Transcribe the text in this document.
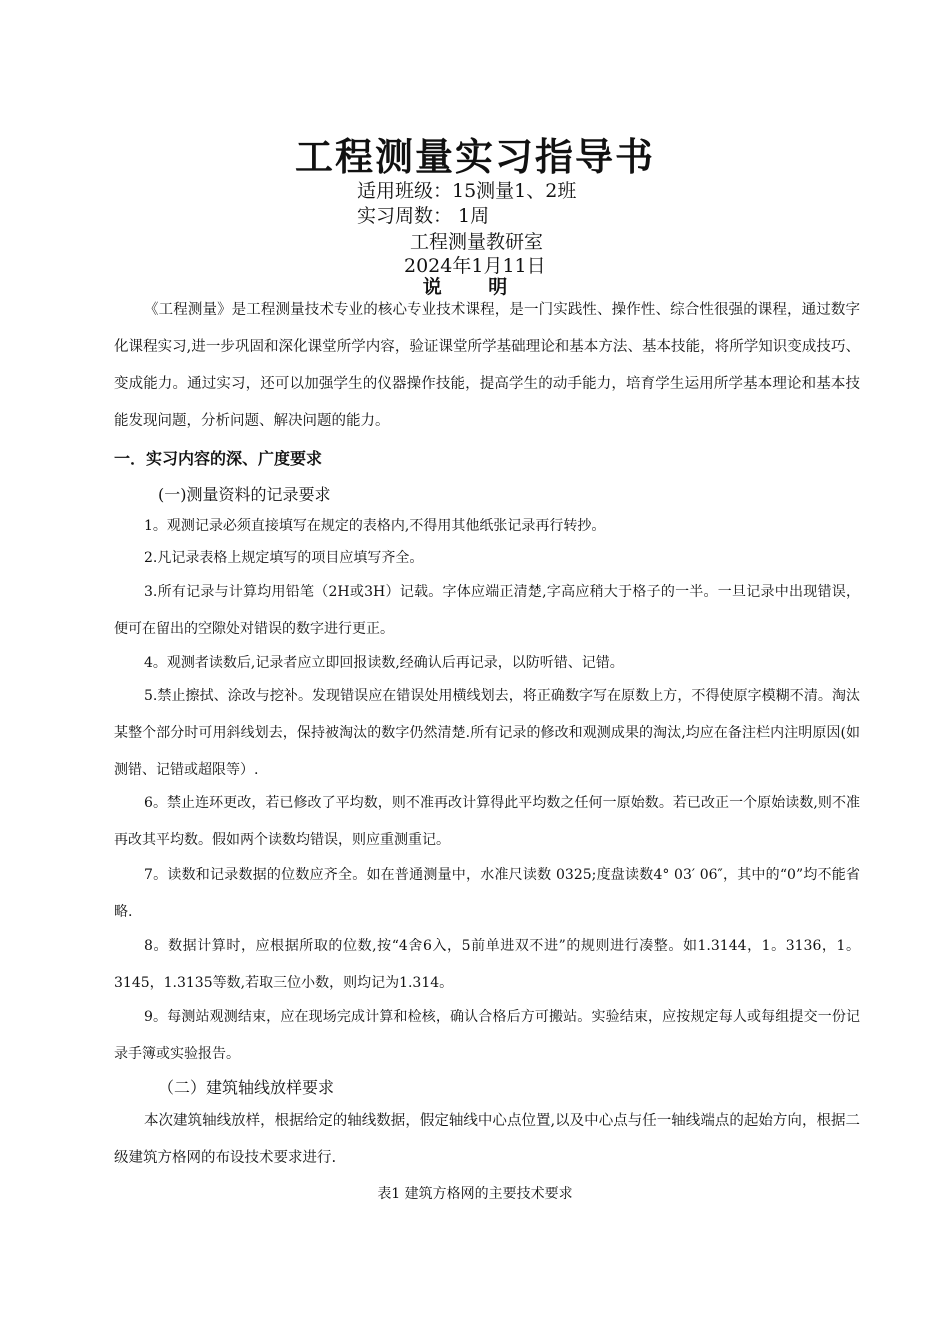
工程测量实习指导书
适用班级：15测量1、2班
实习周数： 1周
工程测量教研室
2024年1月11日
说 明
《工程测量》是工程测量技术专业的核心专业技术课程，是一门实践性、操作性、综合性很强的课程，通过数字化课程实习,进一步巩固和深化课堂所学内容，验证课堂所学基础理论和基本方法、基本技能，将所学知识变成技巧、变成能力。通过实习，还可以加强学生的仪器操作技能，提高学生的动手能力，培育学生运用所学基本理论和基本技能发现问题，分析问题、解决问题的能力。
一．实习内容的深、广度要求
(一)测量资料的记录要求
1。观测记录必须直接填写在规定的表格内,不得用其他纸张记录再行转抄。
2.凡记录表格上规定填写的项目应填写齐全。
3.所有记录与计算均用铅笔（2H或3H）记载。字体应端正清楚,字高应稍大于格子的一半。一旦记录中出现错误，便可在留出的空隙处对错误的数字进行更正。
4。观测者读数后,记录者应立即回报读数,经确认后再记录，以防听错、记错。
5.禁止擦拭、涂改与挖补。发现错误应在错误处用横线划去，将正确数字写在原数上方，不得使原字模糊不清。淘汰某整个部分时可用斜线划去，保持被淘汰的数字仍然清楚.所有记录的修改和观测成果的淘汰,均应在备注栏内注明原因(如测错、记错或超限等）.
6。禁止连环更改，若已修改了平均数，则不准再改计算得此平均数之任何一原始数。若已改正一个原始读数,则不准再改其平均数。假如两个读数均错误，则应重测重记。
7。读数和记录数据的位数应齐全。如在普通测量中，水准尺读数 0325;度盘读数4° 03′ 06″，其中的“0”均不能省略.
8。数据计算时，应根据所取的位数,按“4舍6入，5前单进双不进”的规则进行凑整。如1.3144，1。3136，1。3145，1.3135等数,若取三位小数，则均记为1.314。
9。每测站观测结束，应在现场完成计算和检核，确认合格后方可搬站。实验结束，应按规定每人或每组提交一份记录手簿或实验报告。
（二）建筑轴线放样要求
本次建筑轴线放样，根据给定的轴线数据，假定轴线中心点位置,以及中心点与任一轴线端点的起始方向，根据二级建筑方格网的布设技术要求进行.
表1 建筑方格网的主要技术要求
